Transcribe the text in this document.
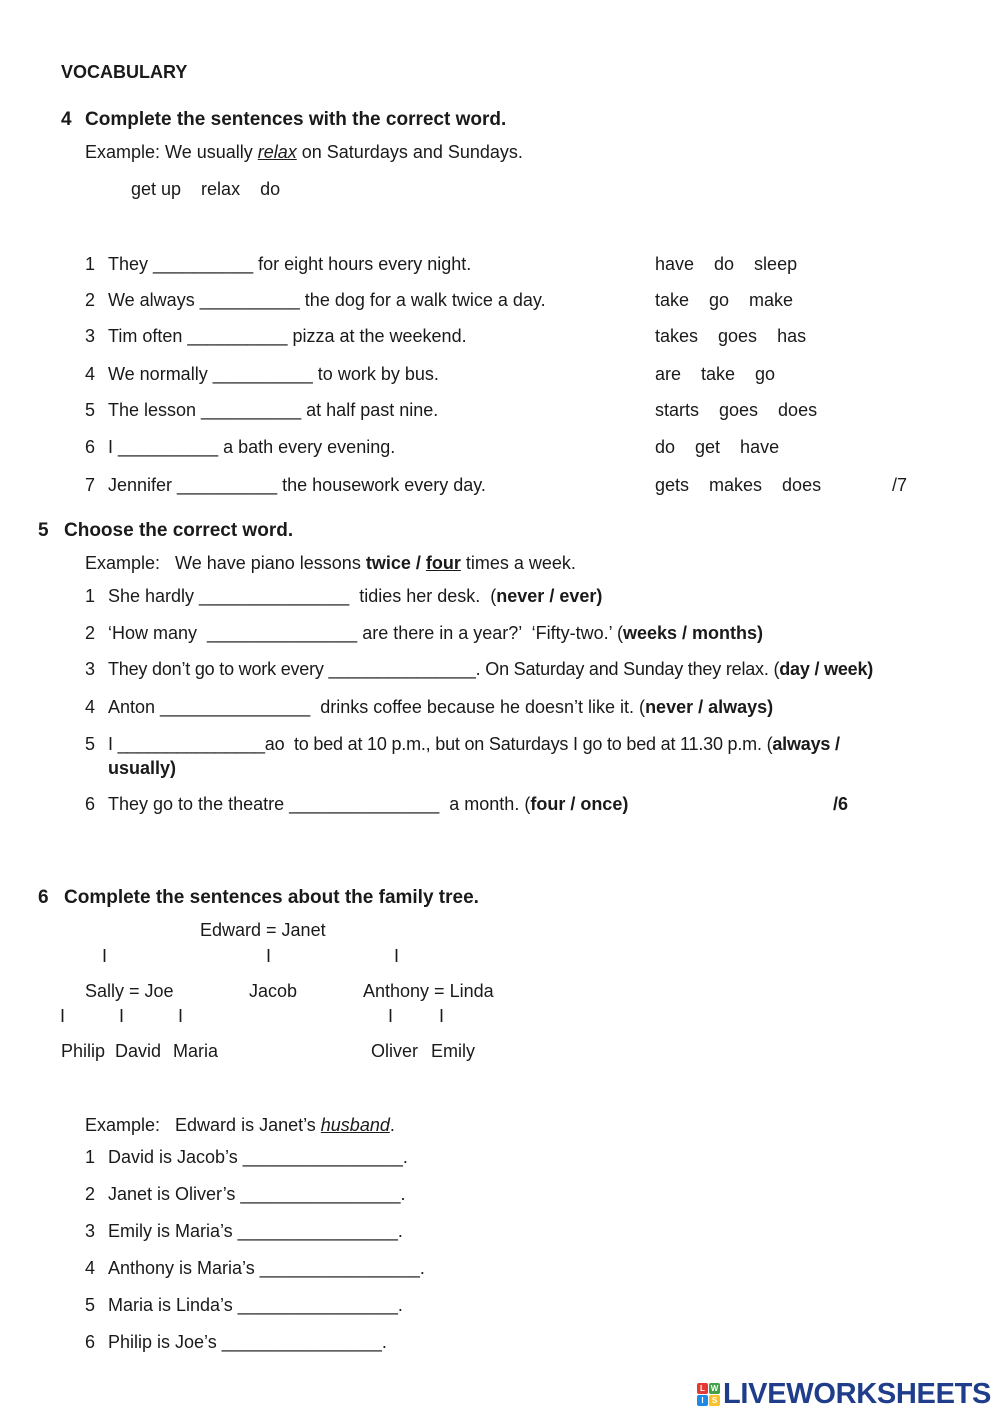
VOCABULARY
4 Complete the sentences with the correct word.
Example: We usually relax on Saturdays and Sundays.
get up    relax    do
1 They __________ for eight hours every night.	have    do    sleep
2 We always __________ the dog for a walk twice a day.	take    go    make
3 Tim often __________ pizza at the weekend.	takes    goes    has
4 We normally __________ to work by bus.	are    take    go
5 The lesson __________ at half past nine.	starts    goes    does
6 I __________ a bath every evening.	do    get    have
7 Jennifer __________ the housework every day.	gets    makes    does	/7
5 Choose the correct word.
Example:   We have piano lessons twice / four times a week.
1 She hardly _______________  tidies her desk.  (never / ever)
2 ‘How many  _______________ are there in a year?’  ‘Fifty-two.’ (weeks / months)
3 They don’t go to work every _______________. On Saturday and Sunday they relax. (day / week)
4 Anton _______________  drinks coffee because he doesn’t like it. (never / always)
5 I _______________ao  to bed at 10 p.m., but on Saturdays I go to bed at 11.30 p.m. (always /
usually)
6 They go to the theatre _______________  a month. (four / once)	/6
6 Complete the sentences about the family tree.
Edward = Janet
I	I	I
Sally = Joe	Jacob	Anthony = Linda
I	I	I	I	I
Philip David Maria	Oliver Emily
Example:   Edward is Janet’s husband.
1 David is Jacob’s ________________.
2 Janet is Oliver’s ________________.
3 Emily is Maria’s ________________.
4 Anthony is Maria’s ________________.
5 Maria is Linda’s ________________.
6 Philip is Joe’s ________________.
L W
I	S LIVEWORKSHEETS
